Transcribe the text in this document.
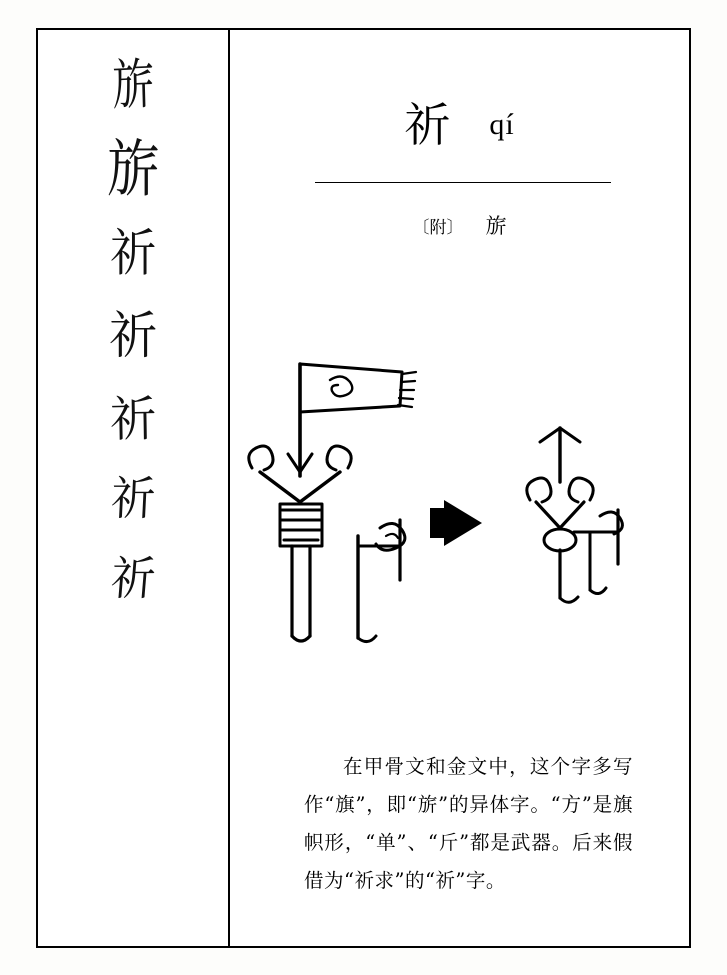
旂
旂
祈
祈
祈
祈
祈
祈 qí
〔附〕 旂
在甲骨文和金文中，这个字多写作“旗”，即“旂”的异体字。“方”是旗帜形，“单”、“斤”都是武器。后来假借为“祈求”的“祈”字。
